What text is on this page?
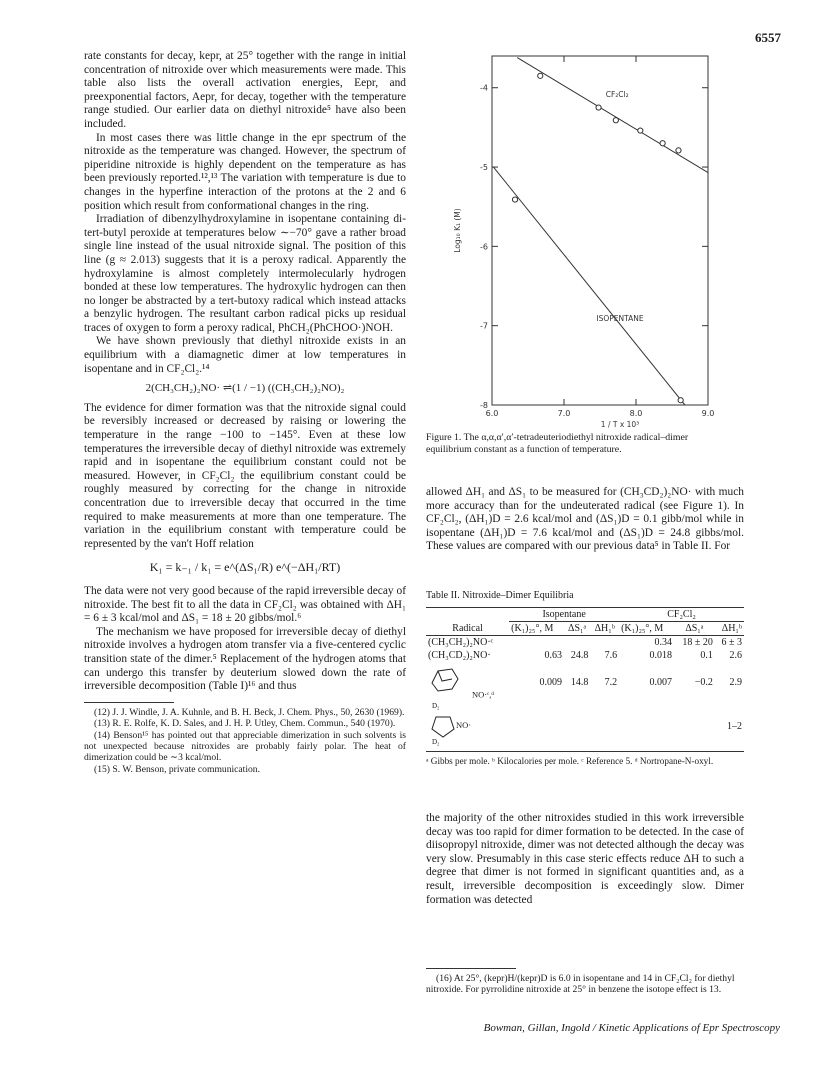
6557

rate constants for decay, kepr, at 25° together with the range in initial concentration of nitroxide over which measurements were made. This table also lists the overall activation energies, Eepr, and preexponential factors, Aepr, for decay, together with the temperature range studied. Our earlier data on diethyl nitroxide⁵ have also been included.

In most cases there was little change in the epr spectrum of the nitroxide as the temperature was changed. However, the spectrum of piperidine nitroxide is highly dependent on the temperature as has been previously reported.¹²,¹³ The variation with temperature is due to changes in the hyperfine interaction of the protons at the 2 and 6 position which result from conformational changes in the ring.

Irradiation of dibenzylhydroxylamine in isopentane containing di-tert-butyl peroxide at temperatures below ∼−70° gave a rather broad single line instead of the usual nitroxide signal. The position of this line (g ≈ 2.013) suggests that it is a peroxy radical. Apparently the hydroxylamine is almost completely intermolecularly hydrogen bonded at these low temperatures. The hydroxylic hydrogen can then no longer be abstracted by a tert-butoxy radical which instead attacks a benzylic hydrogen. The resultant carbon radical picks up residual traces of oxygen to form a peroxy radical, PhCH₂(PhCHOO·)NOH.

We have shown previously that diethyl nitroxide exists in an equilibrium with a diamagnetic dimer at low temperatures in isopentane and in CF₂Cl₂.¹⁴

2(CH₃CH₂)₂NO· ⇌(1 / −1) ((CH₃CH₂)₂NO)₂

The evidence for dimer formation was that the nitroxide signal could be reversibly increased or decreased by raising or lowering the temperature in the range −100 to −145°. Even at these low temperatures the irreversible decay of diethyl nitroxide was extremely rapid and in isopentane the equilibrium constant could not be measured. However, in CF₂Cl₂ the equilibrium constant could be roughly measured by correcting for the change in nitroxide concentration due to irreversible decay that occurred in the time required to make measurements at more than one temperature. The variation in the equilibrium constant with temperature could be represented by the van't Hoff relation

K₁ = k₋₁ / k₁ = e^(ΔS₁/R) e^(−ΔH₁/RT)

The data were not very good because of the rapid irreversible decay of nitroxide. The best fit to all the data in CF₂Cl₂ was obtained with ΔH₁ = 6 ± 3 kcal/mol and ΔS₁ = 18 ± 20 gibbs/mol.⁶

The mechanism we have proposed for irreversible decay of diethyl nitroxide involves a hydrogen atom transfer via a five-centered cyclic transition state of the dimer.⁵ Replacement of the hydrogen atoms that can undergo this transfer by deuterium slowed down the rate of irreversible decomposition (Table I)¹⁶ and thus

(12) J. J. Windle, J. A. Kuhnle, and B. H. Beck, J. Chem. Phys., 50, 2630 (1969).

(13) R. E. Rolfe, K. D. Sales, and J. H. P. Utley, Chem. Commun., 540 (1970).

(14) Benson¹⁵ has pointed out that appreciable dimerization in such solvents is not unexpected because nitroxides are probably fairly polar. The heat of dimerization could be ∼3 kcal/mol.

(15) S. W. Benson, private communication.

6.0	7.0	8.0	9.0
-4
-5
-6
-7
-8
1 / T x 10³
Log₁₀ K₁ (M)
CF₂Cl₂
ISOPENTANE
Figure 1. The α,α,α′,α′-tetradeuteriodiethyl nitroxide radical–dimer equilibrium constant as a function of temperature.

allowed ΔH₁ and ΔS₁ to be measured for (CH₃CD₂)₂NO· with much more accuracy than for the undeuterated radical (see Figure 1). In CF₂Cl₂, (ΔH₁)D = 2.6 kcal/mol and (ΔS₁)D = 0.1 gibb/mol while in isopentane (ΔH₁)D = 7.6 kcal/mol and (ΔS₁)D = 24.8 gibbs/mol. These values are compared with our previous data⁵ in Table II. For

Table II. Nitroxide–Dimer Equilibria
	Isopentane			CF₂Cl₂		
Radical	(K₁)₂₅°, M	ΔS₁ᵃ	ΔH₁ᵇ	(K₁)₂₅°, M	ΔS₁ᵃ	ΔH₁ᵇ
(CH₃CH₂)₂NO·ᶜ				0.34	18 ± 20	6 ± 3
(CH₃CD₂)₂NO·	0.63	24.8	7.6	0.018	0.1	2.6
NO·ᶜ,ᵈ	0.009	14.8	7.2	0.007	−0.2	2.9

D₂
NO·
D₂						1–2
ᵃ Gibbs per mole. ᵇ Kilocalories per mole. ᶜ Reference 5. ᵈ Nortropane-N-oxyl.

the majority of the other nitroxides studied in this work irreversible decay was too rapid for dimer formation to be detected. In the case of diisopropyl nitroxide, dimer was not detected although the decay was very slow. Presumably in this case steric effects reduce ΔH to such a degree that dimer is not formed in significant quantities and, as a result, irreversible decomposition is exceedingly slow. Dimer formation was detected

(16) At 25°, (kepr)H/(kepr)D is 6.0 in isopentane and 14 in CF₂Cl₂ for diethyl nitroxide. For pyrrolidine nitroxide at 25° in benzene the isotope effect is 13.

Bowman, Gillan, Ingold / Kinetic Applications of Epr Spectroscopy
